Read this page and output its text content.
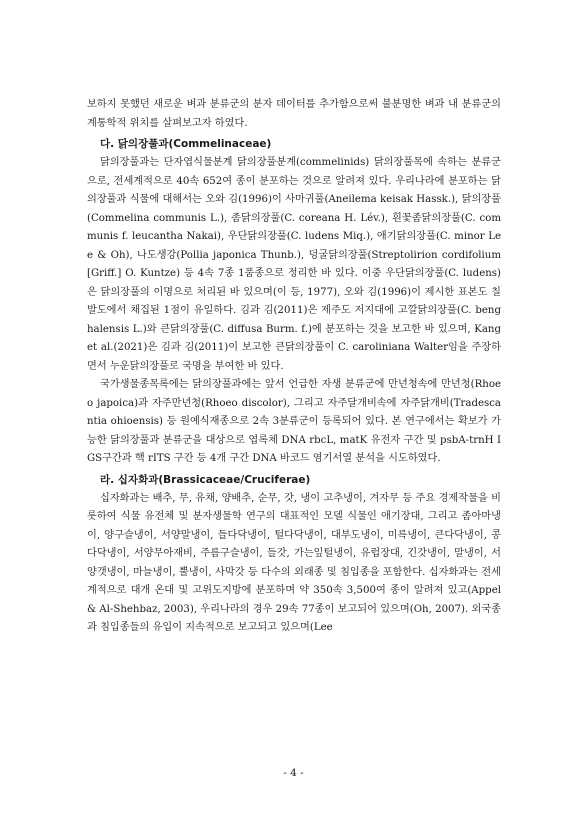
보하지 못했던 새로운 벼과 분류군의 분자 데이터를 추가함으로써 불분명한 벼과 내 분류군의 계통학적 위치를 살펴보고자 하였다.

다. 닭의장풀과(Commelinaceae)

닭의장풀과는 단자엽식물분계 닭의장풀분계(commelinids) 닭의장풀목에 속하는 분류군으로, 전세계적으로 40속 652여 종이 분포하는 것으로 알려져 있다. 우리나라에 분포하는 닭의장풀과 식물에 대해서는 오와 김(1996)이 사마귀풀(Aneilema keisak Hassk.), 닭의장풀(Commelina communis L.), 좀닭의장풀(C. coreana H. Lév.), 흰꽃좀닭의장풀(C. communis f. leucantha Nakai), 우단닭의장풀(C. ludens Miq.), 애기닭의장풀(C. minor Lee & Oh), 나도생강(Pollia japonica Thunb.), 덩굴닭의장풀(Streptolirion cordifolium [Griff.] O. Kuntze) 등 4속 7종 1품종으로 정리한 바 있다. 이중 우단닭의장풀(C. ludens)은 닭의장풀의 이명으로 처리된 바 있으며(이 등, 1977), 오와 김(1996)이 제시한 표본도 칠발도에서 채집된 1점이 유일하다. 김과 김(2011)은 제주도 저지대에 고깔닭의장풀(C. benghalensis L.)와 큰닭의장풀(C. diffusa Burm. f.)에 분포하는 것을 보고한 바 있으며, Kang et al.(2021)은 김과 김(2011)이 보고한 큰닭의장풀이 C. caroliniana Walter임을 주장하면서 누운닭의장풀로 국명을 부여한 바 있다.

국가생물종목록에는 닭의장풀과에는 앞서 언급한 자생 분류군에 만년청속에 만년청(Rhoeo japoica)과 자주만년청(Rhoeo discolor), 그리고 자주달개비속에 자주닭개비(Tradescantia ohioensis) 등 원예식재종으로 2속 3분류군이 등록되어 있다. 본 연구에서는 확보가 가능한 닭의장풀과 분류군을 대상으로 엽록체 DNA rbcL, matK 유전자 구간 및 psbA-trnH IGS구간과 핵 rITS 구간 등 4개 구간 DNA 바코드 염기서열 분석을 시도하였다.

라. 십자화과(Brassicaceae/Cruciferae)

십자화과는 배추, 무, 유채, 양배추, 순무, 갓, 냉이 고추냉이, 겨자무 등 주요 경제작물을 비롯하여 식물 유전체 및 분자생물학 연구의 대표적인 모델 식물인 애기장대, 그리고 좀아마냉이, 양구슬냉이, 서양말냉이, 들다닥냉이, 털다닥냉이, 대부도냉이, 미륵냉이, 큰다닥냉이, 콩다닥냉이, 서양무아재비, 주름구슬냉이, 들갓, 가는잎털냉이, 유럽장대, 긴갓냉이, 말냉이, 서양갯냉이, 마늘냉이, 뿔냉이, 사막갓 등 다수의 외래종 및 침입종을 포함한다. 십자화과는 전세계적으로 대개 온대 및 고위도지방에 분포하며 약 350속 3,500여 종이 알려져 있고(Appel & Al-Shehbaz, 2003), 우리나라의 경우 29속 77종이 보고되어 있으며(Oh, 2007). 외국종과 침입종들의 유입이 지속적으로 보고되고 있으며(Lee

- 4 -
